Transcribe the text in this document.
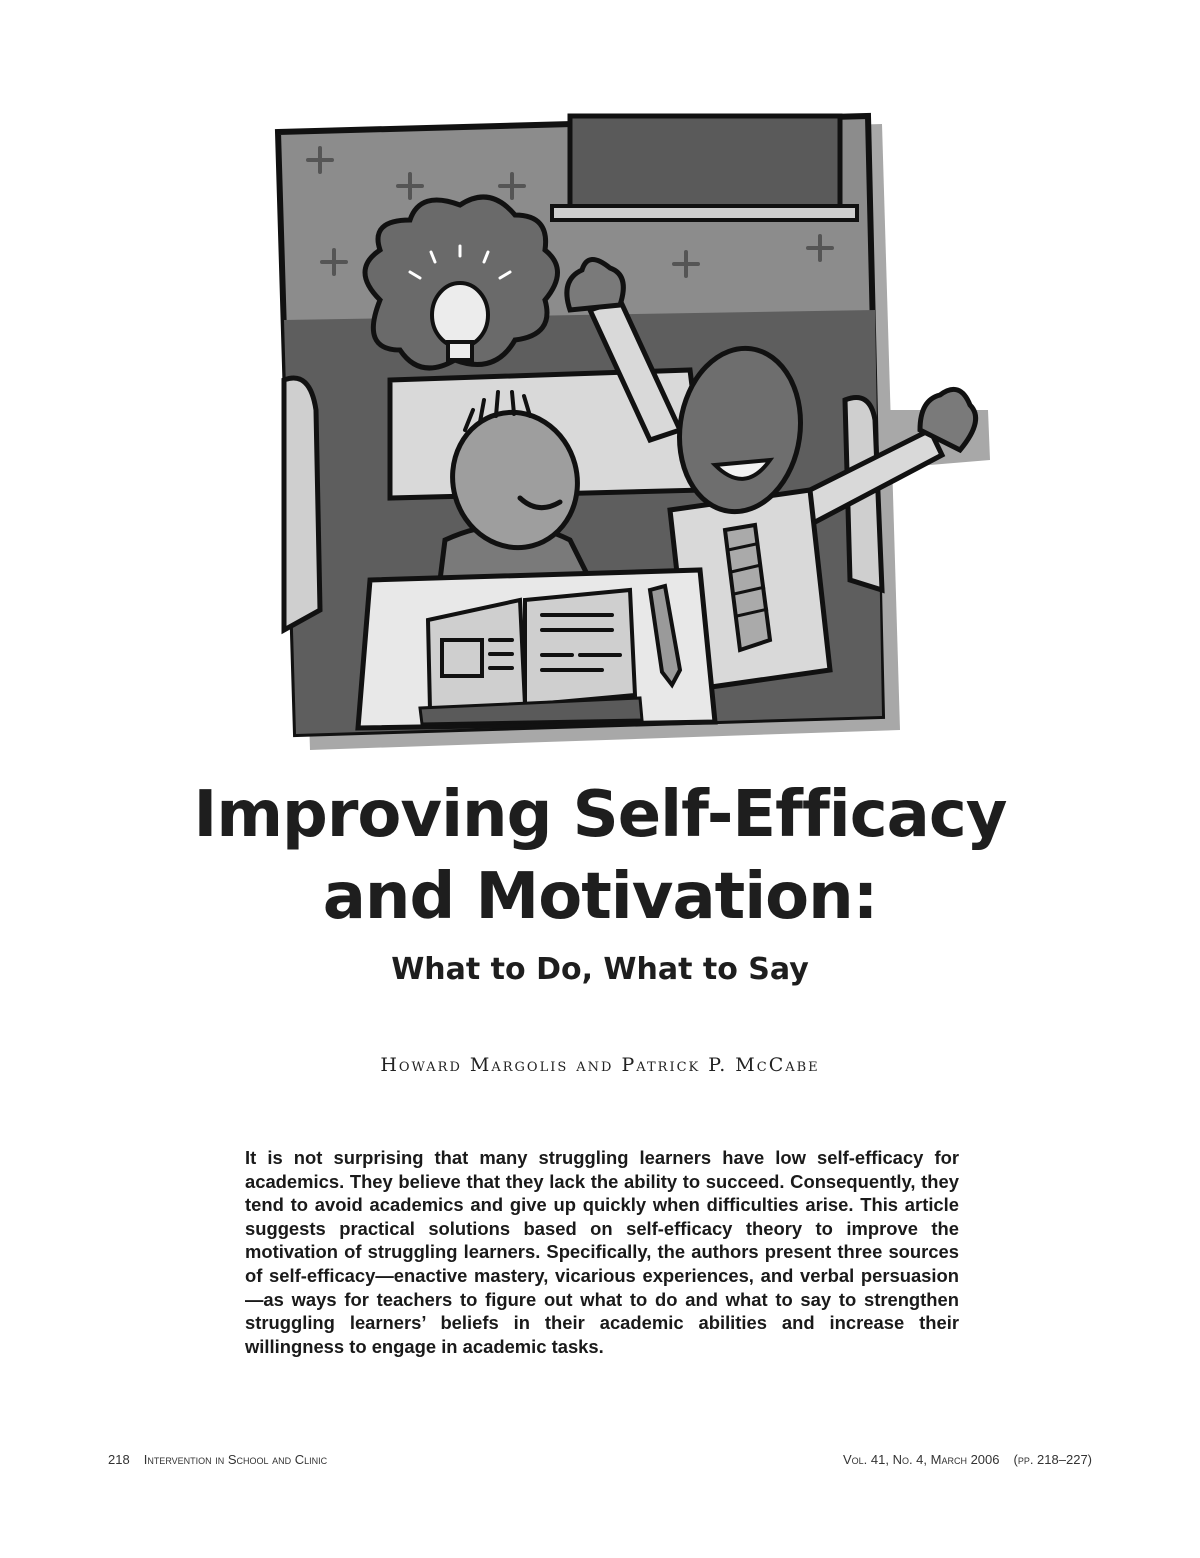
Improving Self-Efficacy
and Motivation:
What to Do, What to Say
Howard Margolis and Patrick P. McCabe
It is not surprising that many struggling learners have low self-efficacy for academics. They believe that they lack the ability to succeed. Consequently, they tend to avoid academics and give up quickly when difficulties arise. This article suggests practical solutions based on self-efficacy theory to improve the motivation of struggling learners. Specifically, the authors present three sources of self-efficacy—enactive mastery, vicarious experiences, and verbal persuasion—as ways for teachers to figure out what to do and what to say to strengthen struggling learners’ beliefs in their academic abilities and increase their willingness to engage in academic tasks.
218 Intervention in School and Clinic	Vol. 41, No. 4, March 2006 (pp. 218–227)
